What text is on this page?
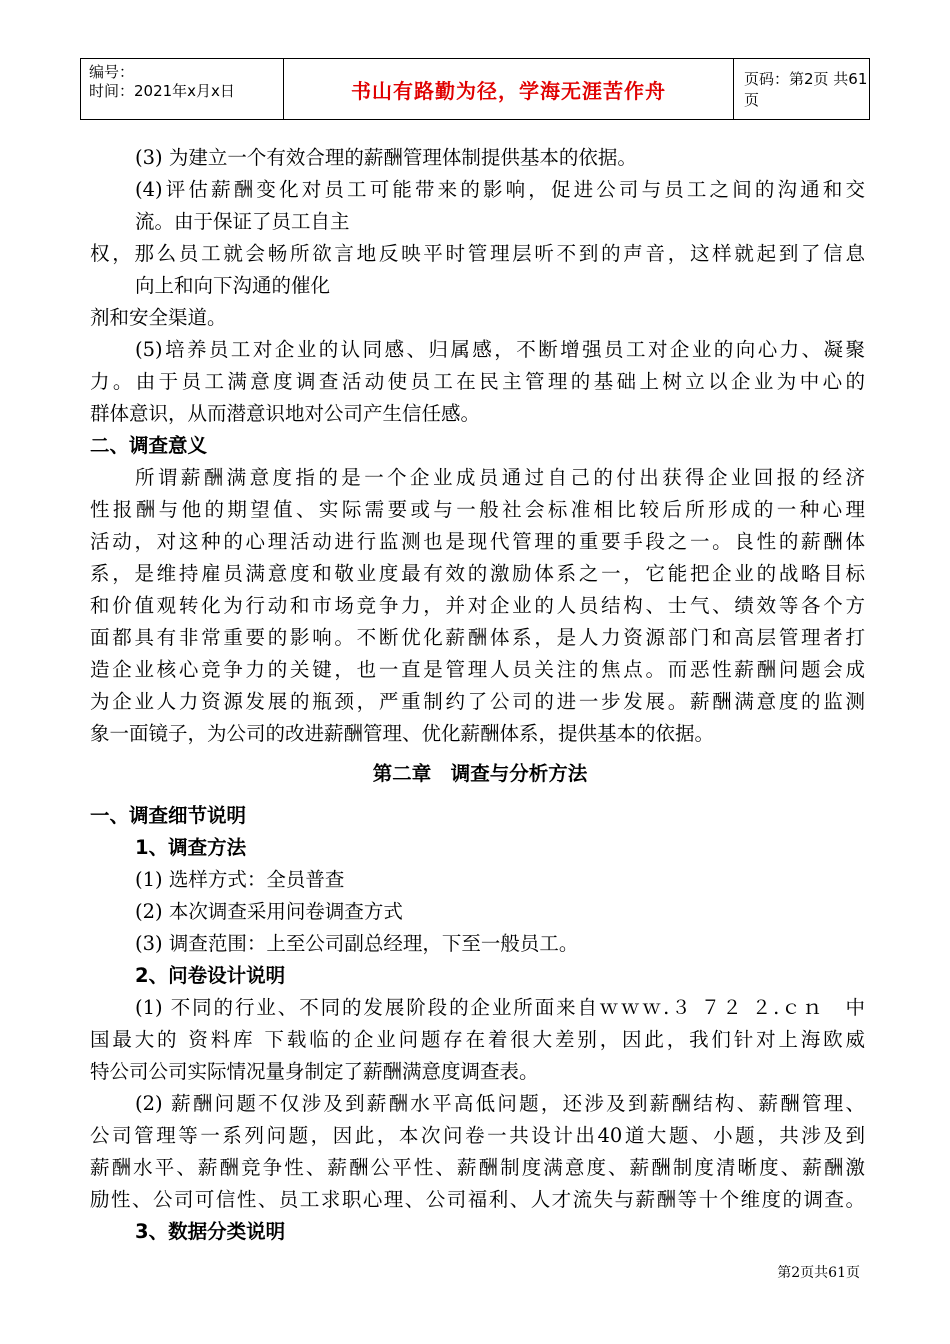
编号：
时间：2021年x月x日	书山有路勤为径，学海无涯苦作舟	页码：第2页 共61页
(3) 为建立一个有效合理的薪酬管理体制提供基本的依据。
(4)评估薪酬变化对员工可能带来的影响，促进公司与员工之间的沟通和交
流。由于保证了员工自主
权，那么员工就会畅所欲言地反映平时管理层听不到的声音，这样就起到了信息
向上和向下沟通的催化
剂和安全渠道。
(5)培养员工对企业的认同感、归属感，不断增强员工对企业的向心力、凝聚
力。由于员工满意度调查活动使员工在民主管理的基础上树立以企业为中心的
群体意识，从而潜意识地对公司产生信任感。
二、调查意义
所谓薪酬满意度指的是一个企业成员通过自己的付出获得企业回报的经济
性报酬与他的期望值、实际需要或与一般社会标准相比较后所形成的一种心理
活动，对这种的心理活动进行监测也是现代管理的重要手段之一。良性的薪酬体
系，是维持雇员满意度和敬业度最有效的激励体系之一，它能把企业的战略目标
和价值观转化为行动和市场竞争力，并对企业的人员结构、士气、绩效等各个方
面都具有非常重要的影响。不断优化薪酬体系，是人力资源部门和高层管理者打
造企业核心竞争力的关键，也一直是管理人员关注的焦点。而恶性薪酬问题会成
为企业人力资源发展的瓶颈，严重制约了公司的进一步发展。薪酬满意度的监测
象一面镜子，为公司的改进薪酬管理、优化薪酬体系，提供基本的依据。
第二章　调查与分析方法
一、调查细节说明
1、调查方法
(1) 选样方式：全员普查
(2) 本次调查采用问卷调查方式
(3) 调查范围：上至公司副总经理，下至一般员工。
2、问卷设计说明
(1) 不同的行业、不同的发展阶段的企业所面来自ｗｗｗ.３ ７２ ２.ｃｎ　中
国最大的 资料库 下载临的企业问题存在着很大差别，因此，我们针对上海欧威
特公司公司实际情况量身制定了薪酬满意度调查表。
(2) 薪酬问题不仅涉及到薪酬水平高低问题，还涉及到薪酬结构、薪酬管理、
公司管理等一系列问题，因此，本次问卷一共设计出40道大题、小题，共涉及到
薪酬水平、薪酬竞争性、薪酬公平性、薪酬制度满意度、薪酬制度清晰度、薪酬激
励性、公司可信性、员工求职心理、公司福利、人才流失与薪酬等十个维度的调查。
3、数据分类说明
第2页共61页
